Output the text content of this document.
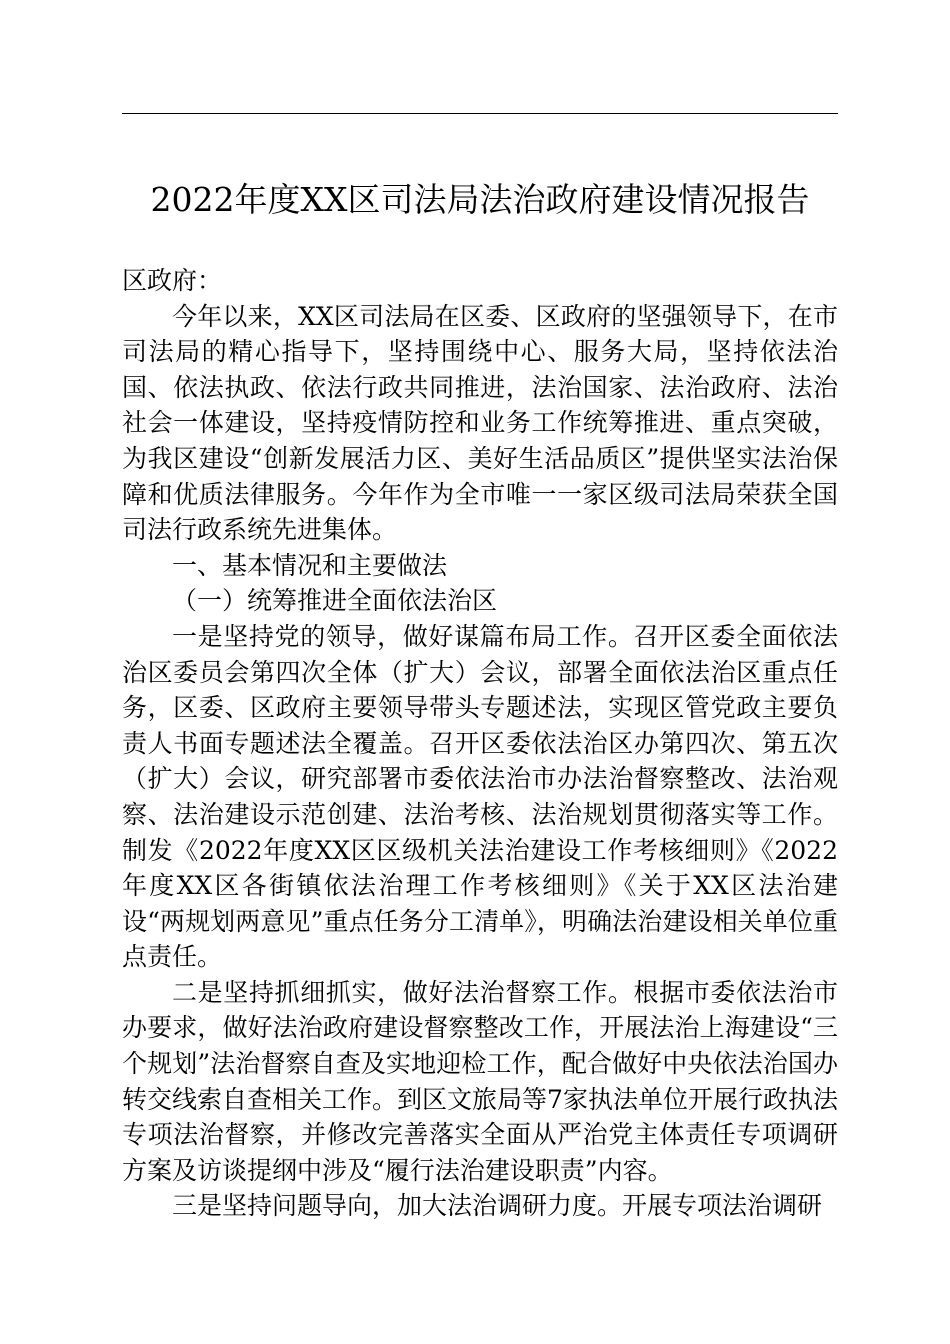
2022年度XX区司法局法治政府建设情况报告

区政府：

今年以来，XX区司法局在区委、区政府的坚强领导下，在市司法局的精心指导下，坚持围绕中心、服务大局，坚持依法治国、依法执政、依法行政共同推进，法治国家、法治政府、法治社会一体建设，坚持疫情防控和业务工作统筹推进、重点突破，为我区建设“创新发展活力区、美好生活品质区”提供坚实法治保障和优质法律服务。今年作为全市唯一一家区级司法局荣获全国司法行政系统先进集体。

一、基本情况和主要做法

（一）统筹推进全面依法治区

一是坚持党的领导，做好谋篇布局工作。召开区委全面依法治区委员会第四次全体（扩大）会议，部署全面依法治区重点任务，区委、区政府主要领导带头专题述法，实现区管党政主要负责人书面专题述法全覆盖。召开区委依法治区办第四次、第五次（扩大）会议，研究部署市委依法治市办法治督察整改、法治观察、法治建设示范创建、法治考核、法治规划贯彻落实等工作。制发《2022年度XX区区级机关法治建设工作考核细则》《2022年度XX区各街镇依法治理工作考核细则》《关于XX区法治建设“两规划两意见”重点任务分工清单》，明确法治建设相关单位重点责任。

二是坚持抓细抓实，做好法治督察工作。根据市委依法治市办要求，做好法治政府建设督察整改工作，开展法治上海建设“三个规划”法治督察自查及实地迎检工作，配合做好中央依法治国办转交线索自查相关工作。到区文旅局等7家执法单位开展行政执法专项法治督察，并修改完善落实全面从严治党主体责任专项调研方案及访谈提纲中涉及“履行法治建设职责”内容。

三是坚持问题导向，加大法治调研力度。开展专项法治调研
